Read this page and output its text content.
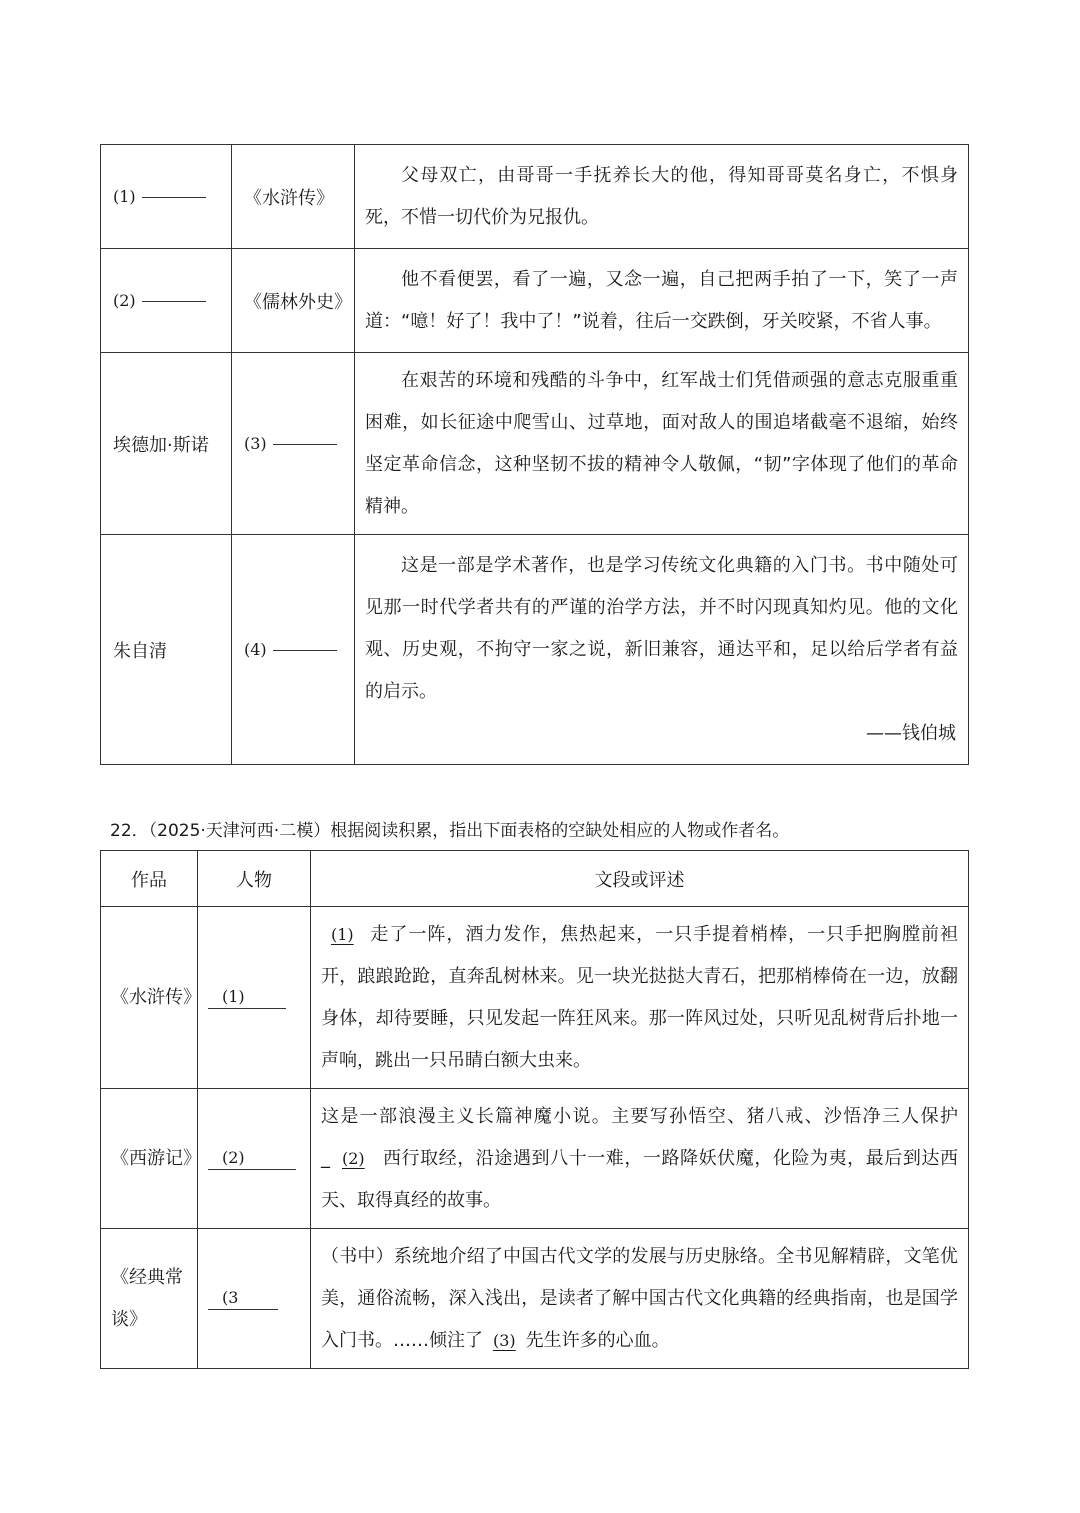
(1)	《水浒传》	父母双亡，由哥哥一手抚养长大的他，得知哥哥莫名身亡，不惧身死，不惜一切代价为兄报仇。

(2)	《儒林外史》	他不看便罢，看了一遍，又念一遍，自己把两手拍了一下，笑了一声道：“噫！好了！我中了！”说着，往后一交跌倒，牙关咬紧，不省人事。

埃德加·斯诺	(3)	在艰苦的环境和残酷的斗争中，红军战士们凭借顽强的意志克服重重困难，如长征途中爬雪山、过草地，面对敌人的围追堵截毫不退缩，始终坚定革命信念，这种坚韧不拔的精神令人敬佩，“韧”字体现了他们的革命精神。

朱自清	(4)	这是一部是学术著作，也是学习传统文化典籍的入门书。书中随处可见那一时代学者共有的严谨的治学方法，并不时闪现真知灼见。他的文化观、历史观，不拘守一家之说，新旧兼容，通达平和，足以给后学者有益的启示。

——钱伯城

22．（2025·天津河西·二模）根据阅读积累，指出下面表格的空缺处相应的人物或作者名。
作品	人物	文段或评述
《水浒传》	(1)	(1) 走了一阵，酒力发作，焦热起来，一只手提着梢棒，一只手把胸膛前袒开，踉踉跄跄，直奔乱树林来。见一块光挞挞大青石，把那梢棒倚在一边，放翻身体，却待要睡，只见发起一阵狂风来。那一阵风过处，只听见乱树背后扑地一声响，跳出一只吊睛白额大虫来。

《西游记》	(2)	这是一部浪漫主义长篇神魔小说。主要写孙悟空、猪八戒、沙悟净三人保护_ (2) 西行取经，沿途遇到八十一难，一路降妖伏魔，化险为夷，最后到达西天、取得真经的故事。

《经典常谈》	(3	（书中）系统地介绍了中国古代文学的发展与历史脉络。全书见解精辟，文笔优美，通俗流畅，深入浅出，是读者了解中国古代文化典籍的经典指南，也是国学入门书。……倾注了 (3) 先生许多的心血。
